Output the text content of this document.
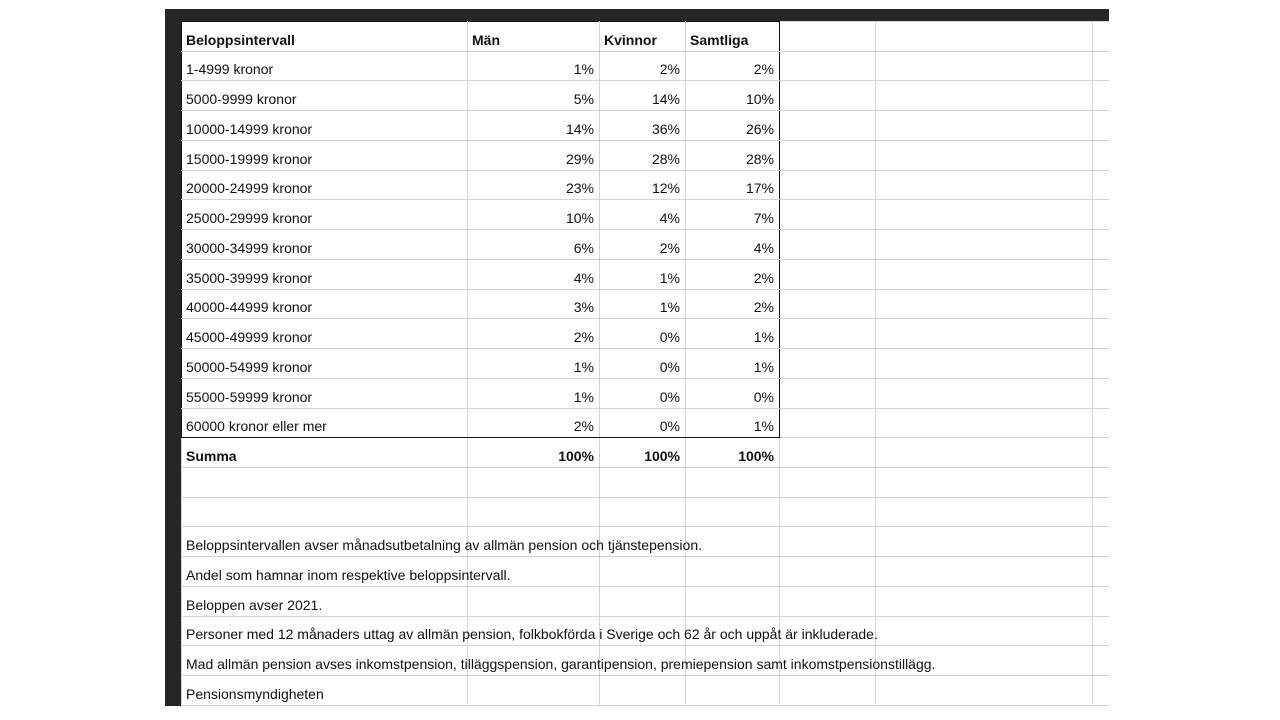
Beloppsintervall	Män	Kvinnor	Samtliga			
1-4999 kronor	1%	2%	2%			
5000-9999 kronor	5%	14%	10%			
10000-14999 kronor	14%	36%	26%			
15000-19999 kronor	29%	28%	28%			
20000-24999 kronor	23%	12%	17%			
25000-29999 kronor	10%	4%	7%			
30000-34999 kronor	6%	2%	4%			
35000-39999 kronor	4%	1%	2%			
40000-44999 kronor	3%	1%	2%			
45000-49999 kronor	2%	0%	1%			
50000-54999 kronor	1%	0%	1%			
55000-59999 kronor	1%	0%	0%			
60000 kronor eller mer	2%	0%	1%			
Summa	100%	100%	100%			

Beloppsintervallen avser månadsutbetalning av allmän pension och tjänstepension.						
Andel som hamnar inom respektive beloppsintervall.						
Beloppen avser 2021.						
Personer med 12 månaders uttag av allmän pension, folkbokförda i Sverige och 62 år och uppåt är inkluderade.						
Mad allmän pension avses inkomstpension, tilläggspension, garantipension, premiepension samt inkomstpensionstillägg.						
Pensionsmyndigheten						
